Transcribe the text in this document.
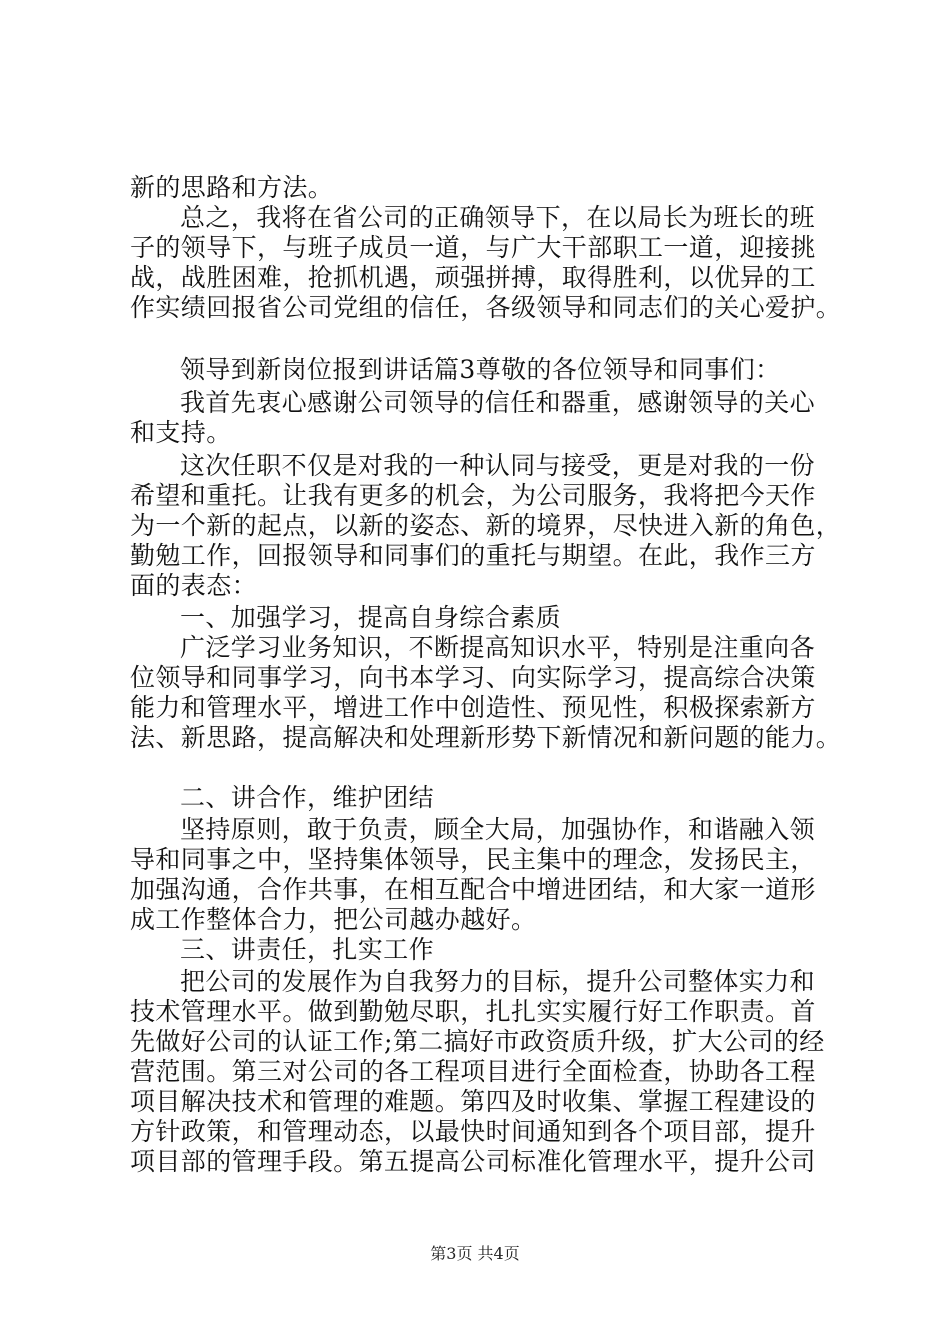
新的思路和方法。
总之，我将在省公司的正确领导下，在以局长为班长的班
子的领导下，与班子成员一道，与广大干部职工一道，迎接挑
战，战胜困难，抢抓机遇，顽强拼搏，取得胜利，以优异的工
作实绩回报省公司党组的信任，各级领导和同志们的关心爱护。
领导到新岗位报到讲话篇3尊敬的各位领导和同事们：
我首先衷心感谢公司领导的信任和器重，感谢领导的关心
和支持。
这次任职不仅是对我的一种认同与接受，更是对我的一份
希望和重托。让我有更多的机会，为公司服务，我将把今天作
为一个新的起点，以新的姿态、新的境界，尽快进入新的角色，
勤勉工作，回报领导和同事们的重托与期望。在此，我作三方
面的表态：
一、加强学习，提高自身综合素质
广泛学习业务知识，不断提高知识水平，特别是注重向各
位领导和同事学习，向书本学习、向实际学习，提高综合决策
能力和管理水平，增进工作中创造性、预见性，积极探索新方
法、新思路，提高解决和处理新形势下新情况和新问题的能力。
二、讲合作，维护团结
坚持原则，敢于负责，顾全大局，加强协作，和谐融入领
导和同事之中，坚持集体领导，民主集中的理念，发扬民主，
加强沟通，合作共事，在相互配合中增进团结，和大家一道形
成工作整体合力，把公司越办越好。
三、讲责任，扎实工作
把公司的发展作为自我努力的目标，提升公司整体实力和
技术管理水平。做到勤勉尽职，扎扎实实履行好工作职责。首
先做好公司的认证工作;第二搞好市政资质升级，扩大公司的经
营范围。第三对公司的各工程项目进行全面检查，协助各工程
项目解决技术和管理的难题。第四及时收集、掌握工程建设的
方针政策，和管理动态，以最快时间通知到各个项目部，提升
项目部的管理手段。第五提高公司标准化管理水平，提升公司
第3页 共4页
